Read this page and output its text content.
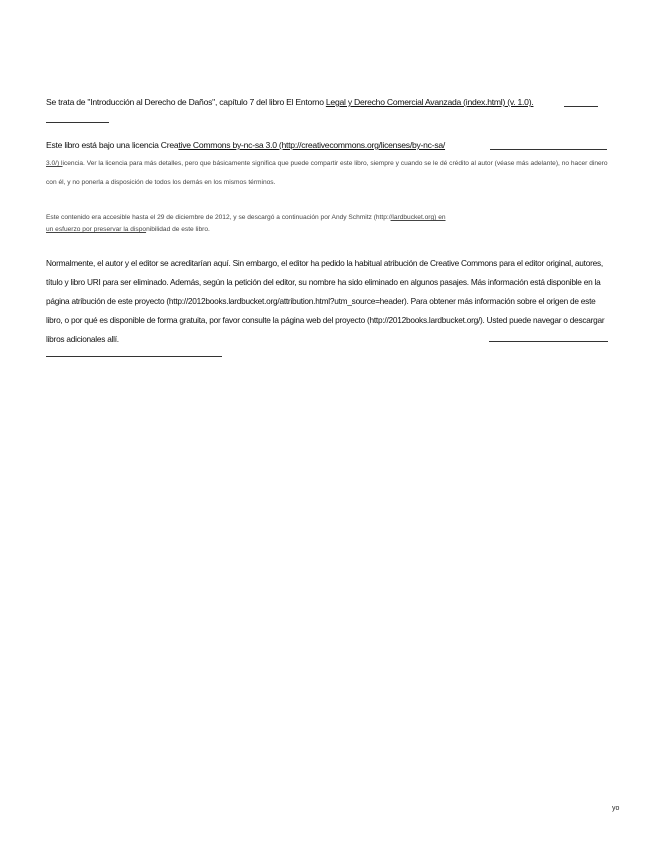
Se trata de "Introducción al Derecho de Daños", capítulo 7 del libro El Entorno Legal y Derecho Comercial Avanzada (index.html) (v. 1.0).
Este libro está bajo una licencia Creative Commons by-nc-sa 3.0 (http://creativecommons.org/licenses/by-nc-sa/
3.0/) licencia. Ver la licencia para más detalles, pero que básicamente significa que puede compartir este libro, siempre y cuando se le dé crédito al autor (véase más adelante), no hacer dinero con él, y no ponerla a disposición de todos los demás en los mismos términos.
Este contenido era accesible hasta el 29 de diciembre de 2012, y se descargó a continuación por Andy Schmitz (http://lardbucket.org) en
un esfuerzo por preservar la disponibilidad de este libro.
Normalmente, el autor y el editor se acreditarían aquí. Sin embargo, el editor ha pedido la habitual atribución de Creative Commons para el editor original, autores, título y libro URI para ser eliminado. Además, según la petición del editor, su nombre ha sido eliminado en algunos pasajes. Más información está disponible en la página atribución de este proyecto (http://2012books.lardbucket.org/attribution.html?utm_source=header). Para obtener más información sobre el origen de este libro, o por qué es disponible de forma gratuita, por favor consulte la página web del proyecto (http://2012books.lardbucket.org/). Usted puede navegar o descargar libros adicionales allí.
yo
